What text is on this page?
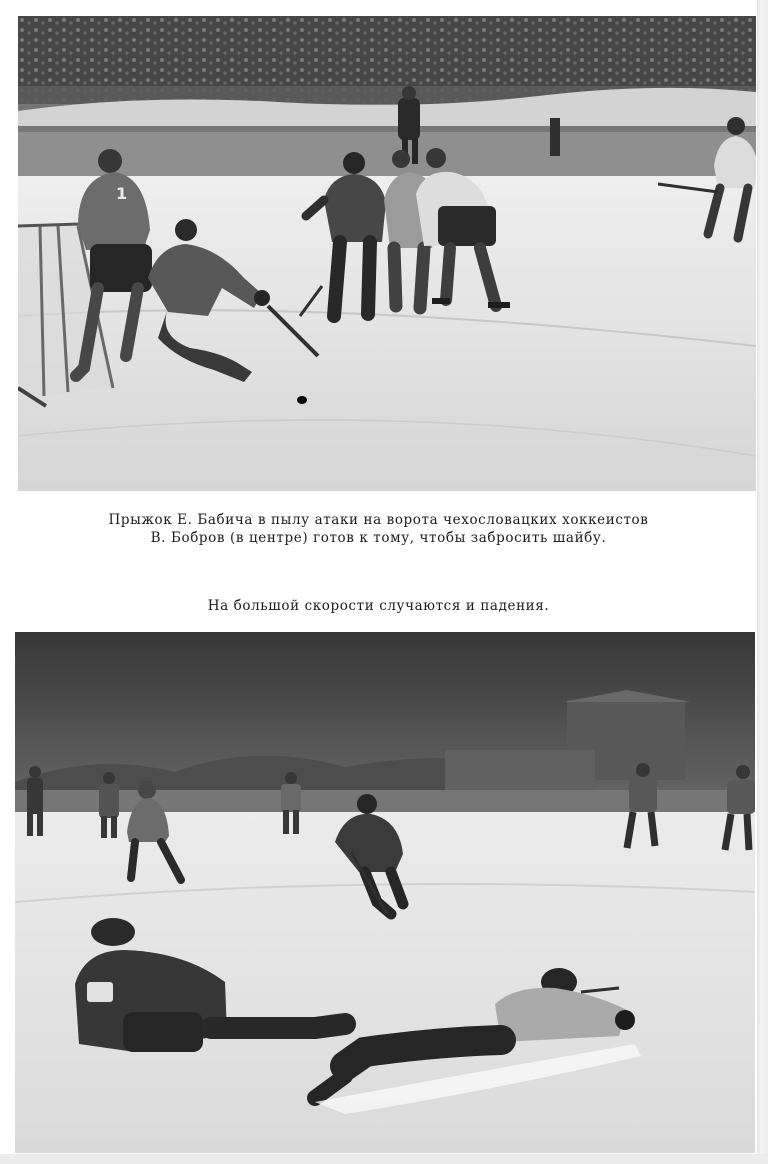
1
Прыжок Е. Бабича в пылу атаки на ворота чехословацких хоккеистов
В. Бобров (в центре) готов к тому, чтобы забросить шайбу.
На большой скорости случаются и падения.
